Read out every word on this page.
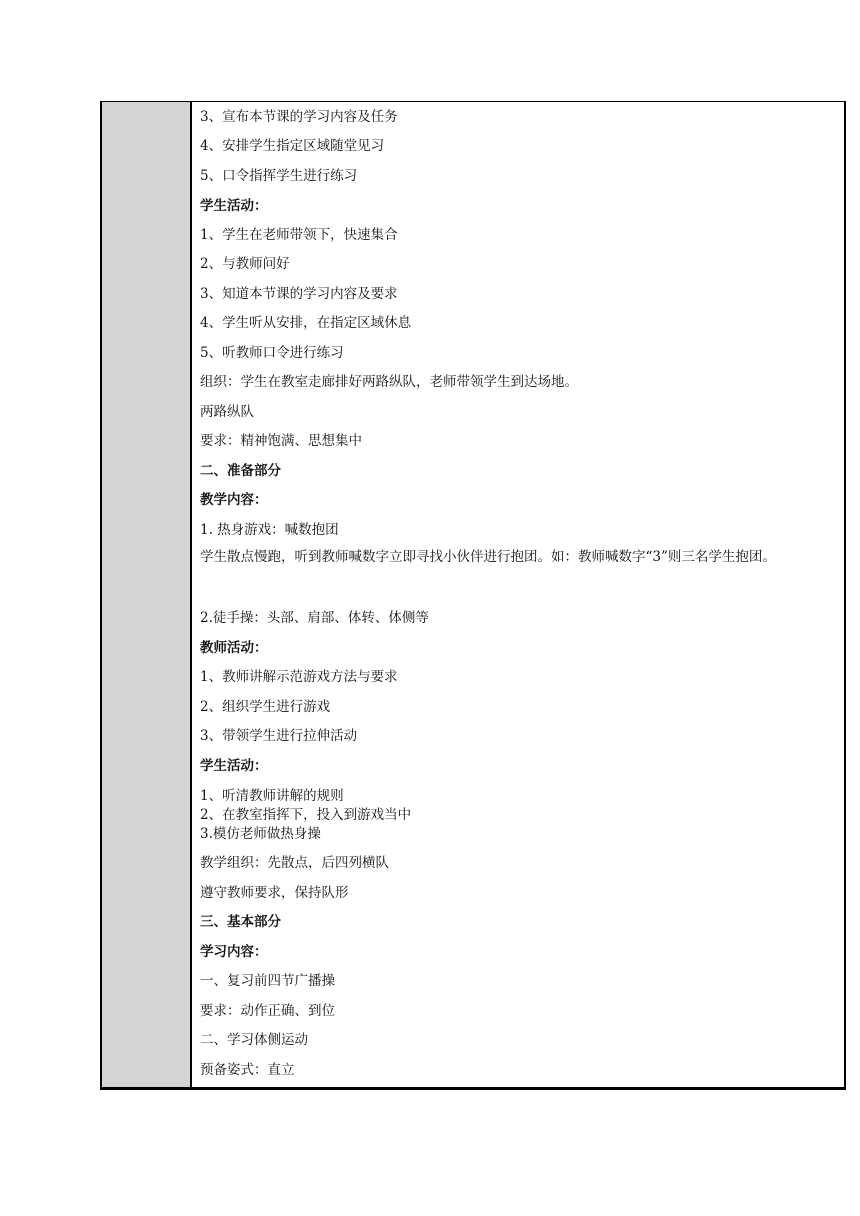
3、宣布本节课的学习内容及任务
4、安排学生指定区域随堂见习
5、口令指挥学生进行练习
学生活动：
1、学生在老师带领下，快速集合
2、与教师问好
3、知道本节课的学习内容及要求
4、学生听从安排，在指定区域休息
5、听教师口令进行练习
组织：学生在教室走廊排好两路纵队，老师带领学生到达场地。
两路纵队
要求：精神饱满、思想集中
二、准备部分
教学内容：
1. 热身游戏：喊数抱团
学生散点慢跑，听到教师喊数字立即寻找小伙伴进行抱团。如：教师喊数字“3”则三名学生抱团。
2.徒手操：头部、肩部、体转、体侧等
教师活动：
1、教师讲解示范游戏方法与要求
2、组织学生进行游戏
3、带领学生进行拉伸活动
学生活动：
1、听清教师讲解的规则
2、在教室指挥下，投入到游戏当中
3.模仿老师做热身操
教学组织：先散点，后四列横队
遵守教师要求，保持队形
三、基本部分
学习内容：
一、复习前四节广播操
要求：动作正确、到位
二、学习体侧运动
预备姿式：直立
